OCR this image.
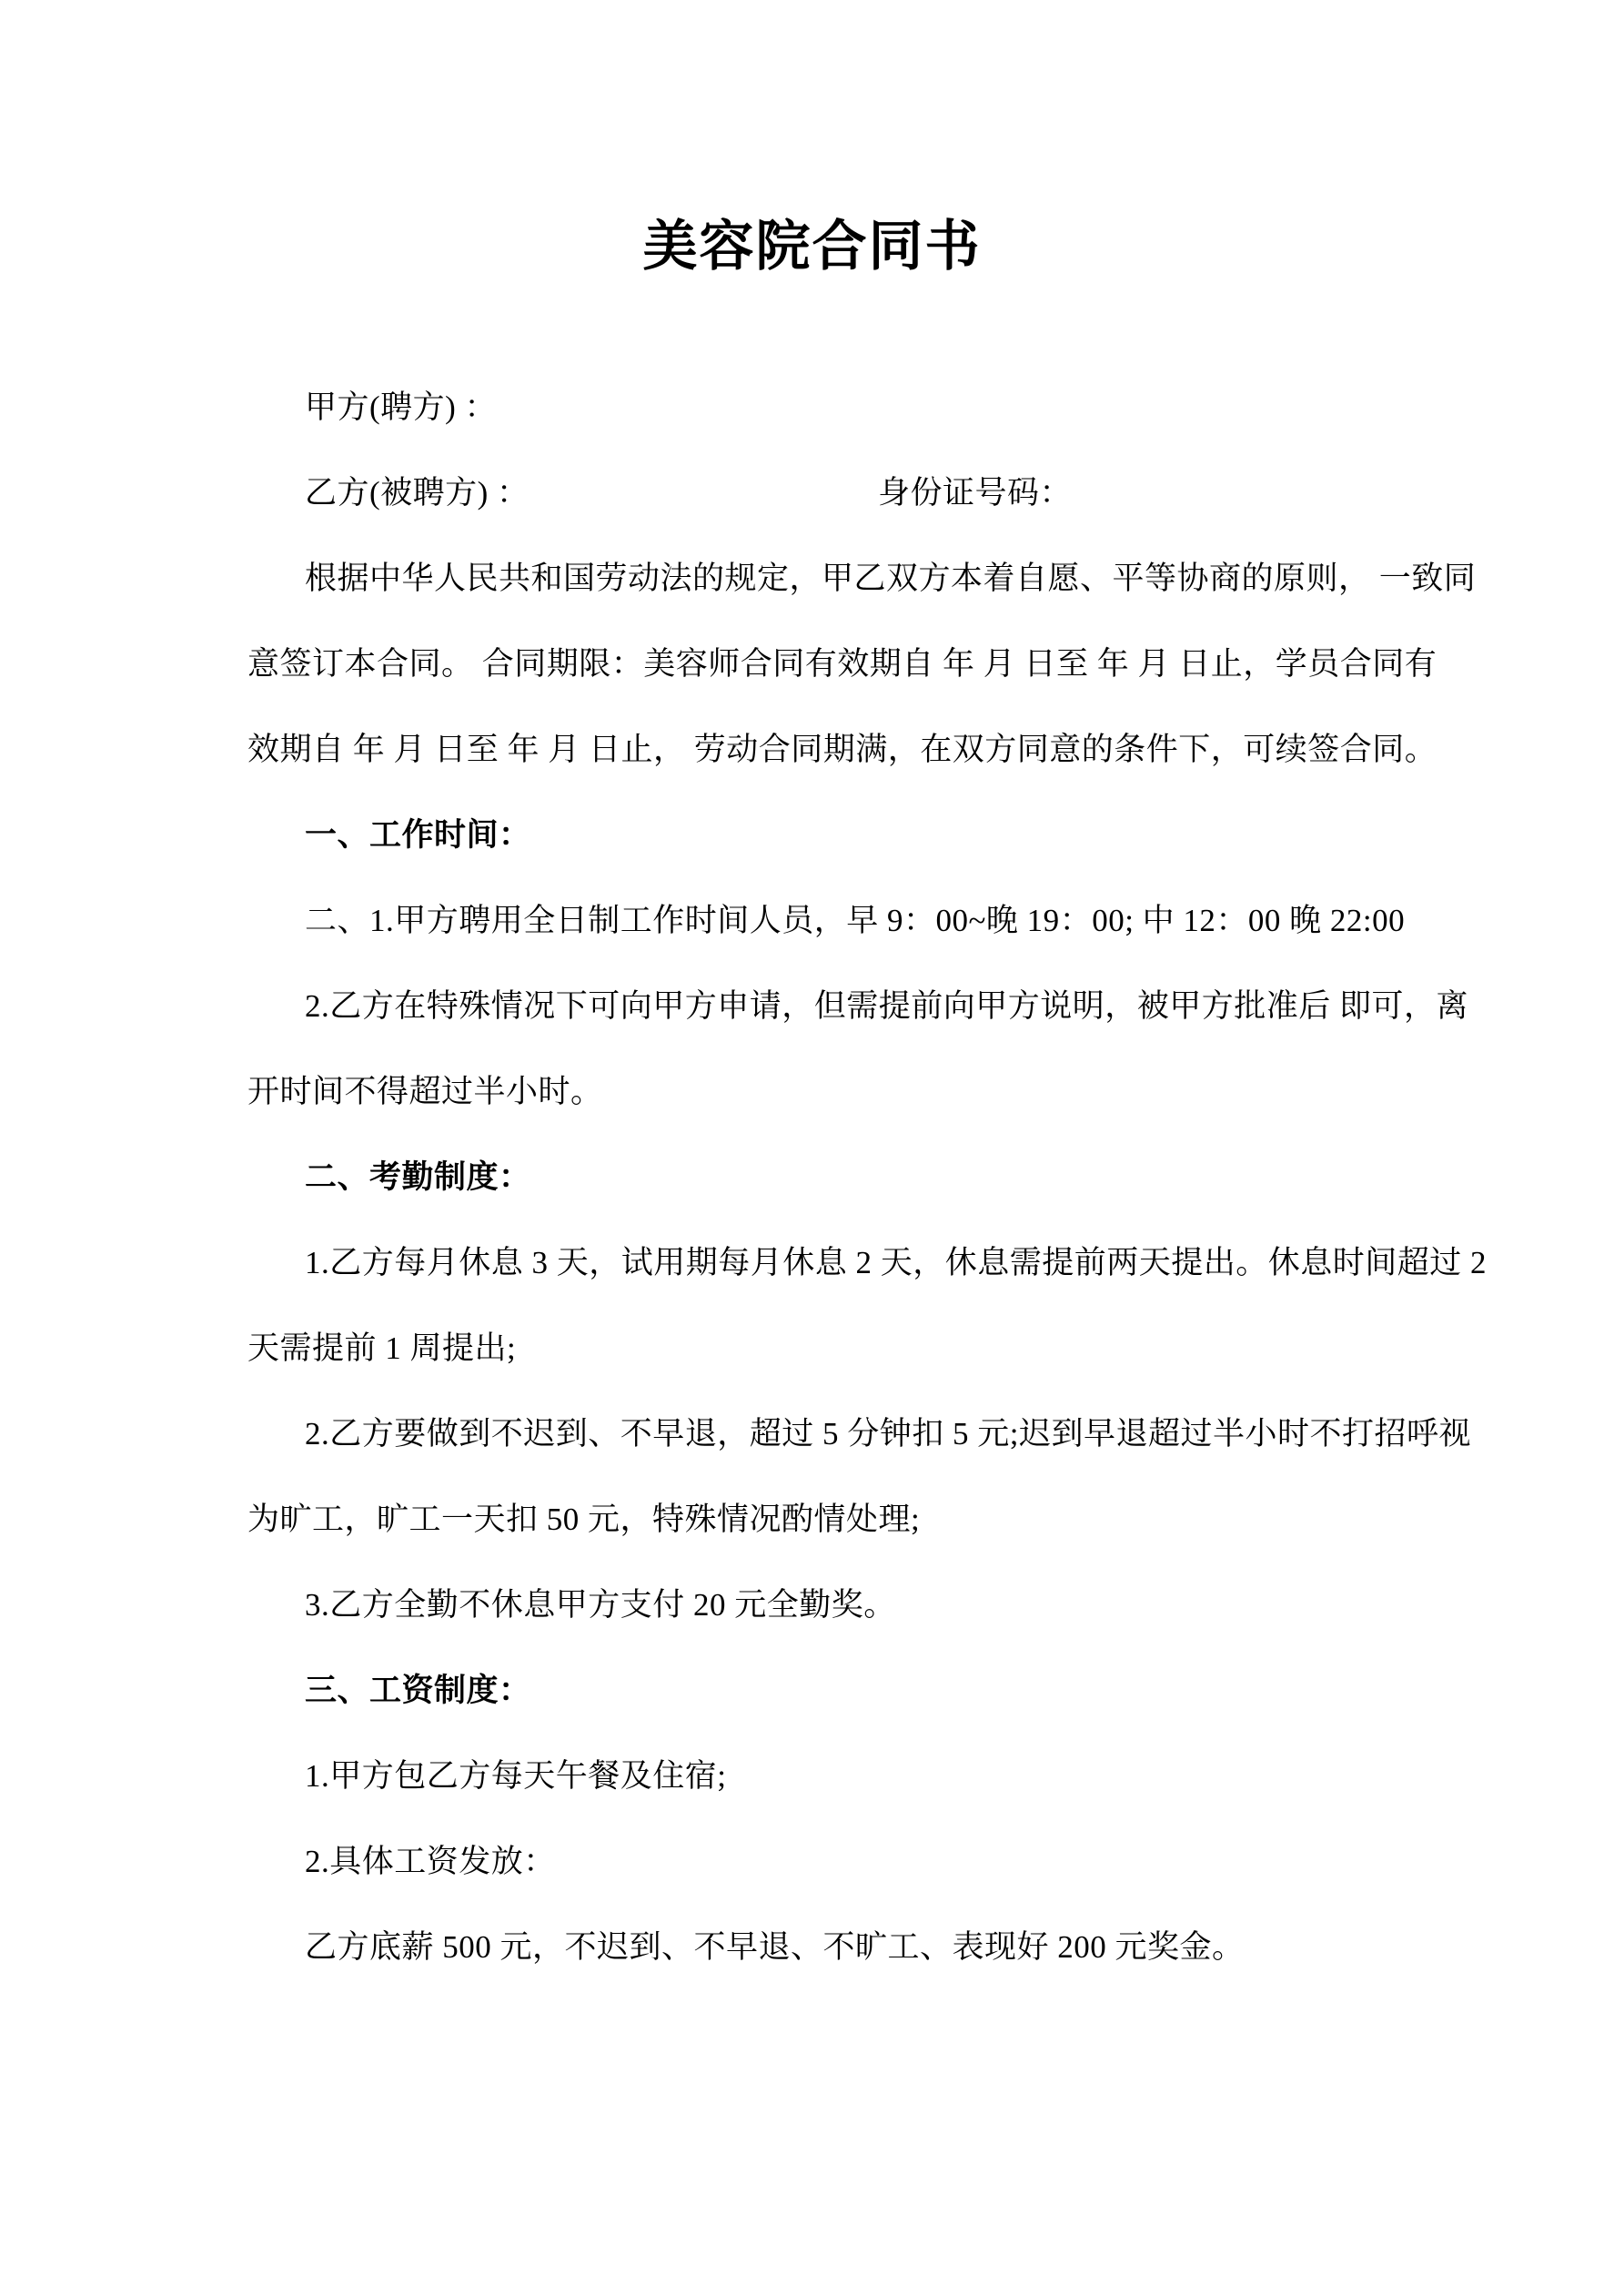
美容院合同书
甲方(聘方) ：
乙方(被聘方) ：	身份证号码：
根据中华人民共和国劳动法的规定，甲乙双方本着自愿、平等协商的原则， 一致同
意签订本合同。 合同期限：美容师合同有效期自 年 月 日至 年 月 日止，学员合同有
效期自 年 月 日至 年 月 日止， 劳动合同期满，在双方同意的条件下，可续签合同。
一、工作时间：
二、1.甲方聘用全日制工作时间人员，早 9：00~晚 19：00; 中 12：00 晚 22:00
2.乙方在特殊情况下可向甲方申请，但需提前向甲方说明，被甲方批准后 即可，离
开时间不得超过半小时。
二、考勤制度：
1.乙方每月休息 3 天，试用期每月休息 2 天，休息需提前两天提出。休息时间超过 2
天需提前 1 周提出;
2.乙方要做到不迟到、不早退，超过 5 分钟扣 5 元;迟到早退超过半小时不打招呼视
为旷工，旷工一天扣 50 元，特殊情况酌情处理;
3.乙方全勤不休息甲方支付 20 元全勤奖。
三、工资制度：
1.甲方包乙方每天午餐及住宿;
2.具体工资发放：
乙方底薪 500 元，不迟到、不早退、不旷工、表现好 200 元奖金。
